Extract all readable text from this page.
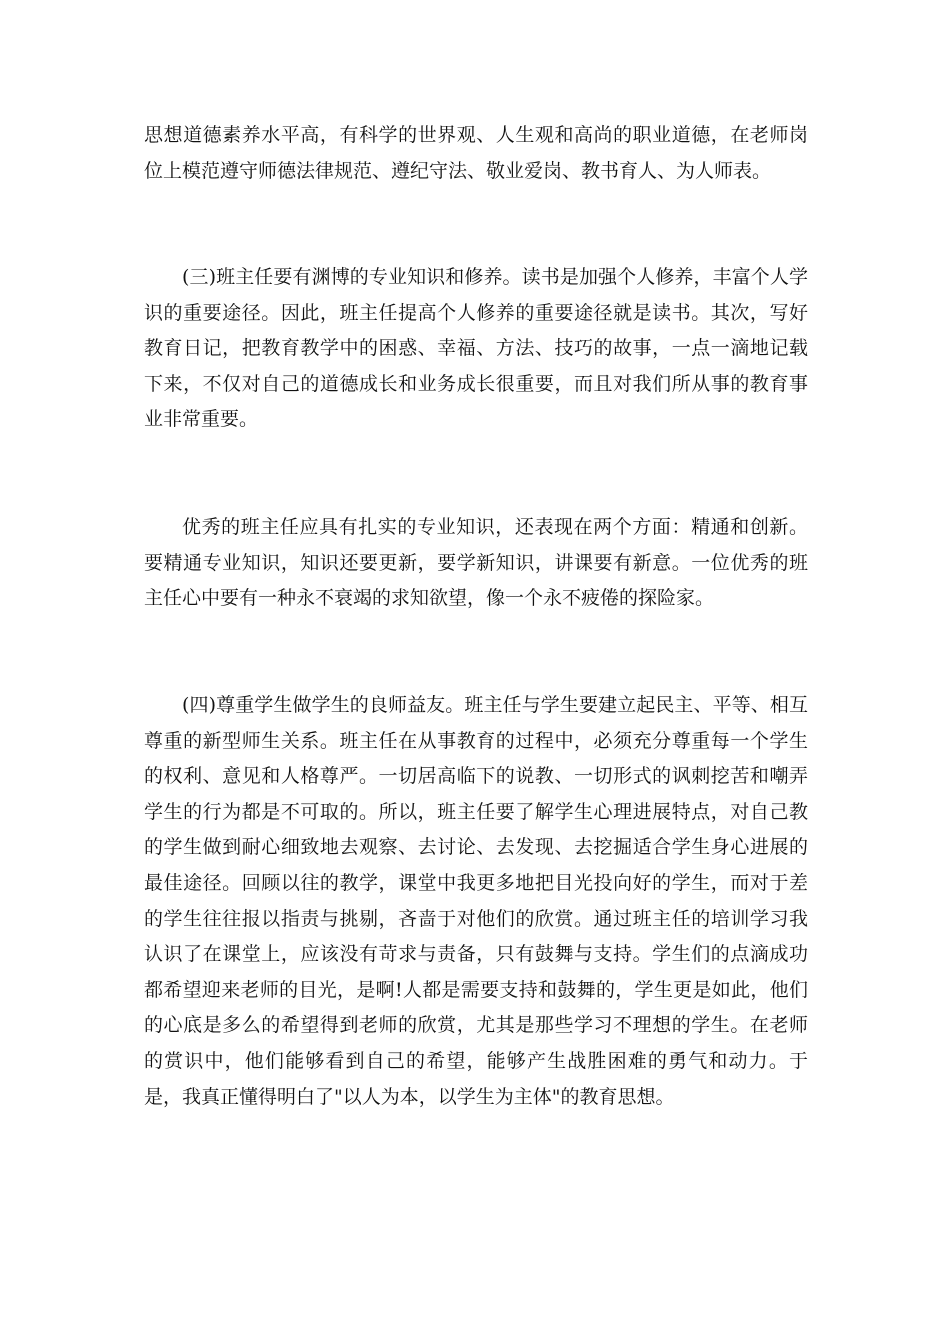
思想道德素养水平高，有科学的世界观、人生观和高尚的职业道德，在老师岗位上模范遵守师德法律规范、遵纪守法、敬业爱岗、教书育人、为人师表。

(三)班主任要有渊博的专业知识和修养。读书是加强个人修养，丰富个人学识的重要途径。因此，班主任提高个人修养的重要途径就是读书。其次，写好教育日记，把教育教学中的困惑、幸福、方法、技巧的故事，一点一滴地记载下来，不仅对自己的道德成长和业务成长很重要，而且对我们所从事的教育事业非常重要。

优秀的班主任应具有扎实的专业知识，还表现在两个方面：精通和创新。要精通专业知识，知识还要更新，要学新知识，讲课要有新意。一位优秀的班主任心中要有一种永不衰竭的求知欲望，像一个永不疲倦的探险家。

(四)尊重学生做学生的良师益友。班主任与学生要建立起民主、平等、相互尊重的新型师生关系。班主任在从事教育的过程中，必须充分尊重每一个学生的权利、意见和人格尊严。一切居高临下的说教、一切形式的讽刺挖苦和嘲弄学生的行为都是不可取的。所以，班主任要了解学生心理进展特点，对自己教的学生做到耐心细致地去观察、去讨论、去发现、去挖掘适合学生身心进展的最佳途径。回顾以往的教学，课堂中我更多地把目光投向好的学生，而对于差的学生往往报以指责与挑剔，吝啬于对他们的欣赏。通过班主任的培训学习我认识了在课堂上，应该没有苛求与责备，只有鼓舞与支持。学生们的点滴成功都希望迎来老师的目光，是啊!人都是需要支持和鼓舞的，学生更是如此，他们的心底是多么的希望得到老师的欣赏，尤其是那些学习不理想的学生。在老师的赏识中，他们能够看到自己的希望，能够产生战胜困难的勇气和动力。于是，我真正懂得明白了"以人为本，以学生为主体"的教育思想。
